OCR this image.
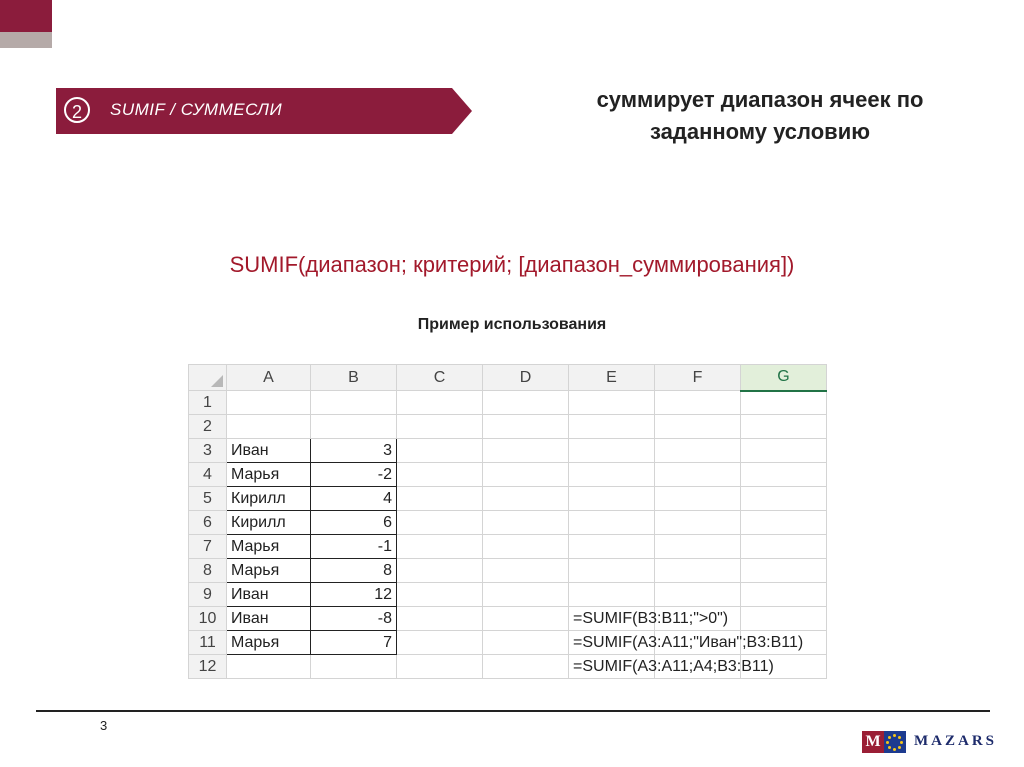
2	SUMIF / СУММЕСЛИ	суммирует диапазон ячеек по
заданному условию
SUMIF(диапазон; критерий; [диапазон_суммирования])
Пример использования
	A	B	C	D	E	F	G
1							
2							
3	Иван	3					
4	Марья	-2					
5	Кирилл	4					
6	Кирилл	6					
7	Марья	-1					
8	Марья	8					
9	Иван	12					
10	Иван	-8			=SUMIF(B3:B11;">0")		

11	Марья	7			=SUMIF(A3:A11;"Иван";B3:B11)		

12					=SUMIF(A3:A11;A4;B3:B11)		

3
M MAZARS
